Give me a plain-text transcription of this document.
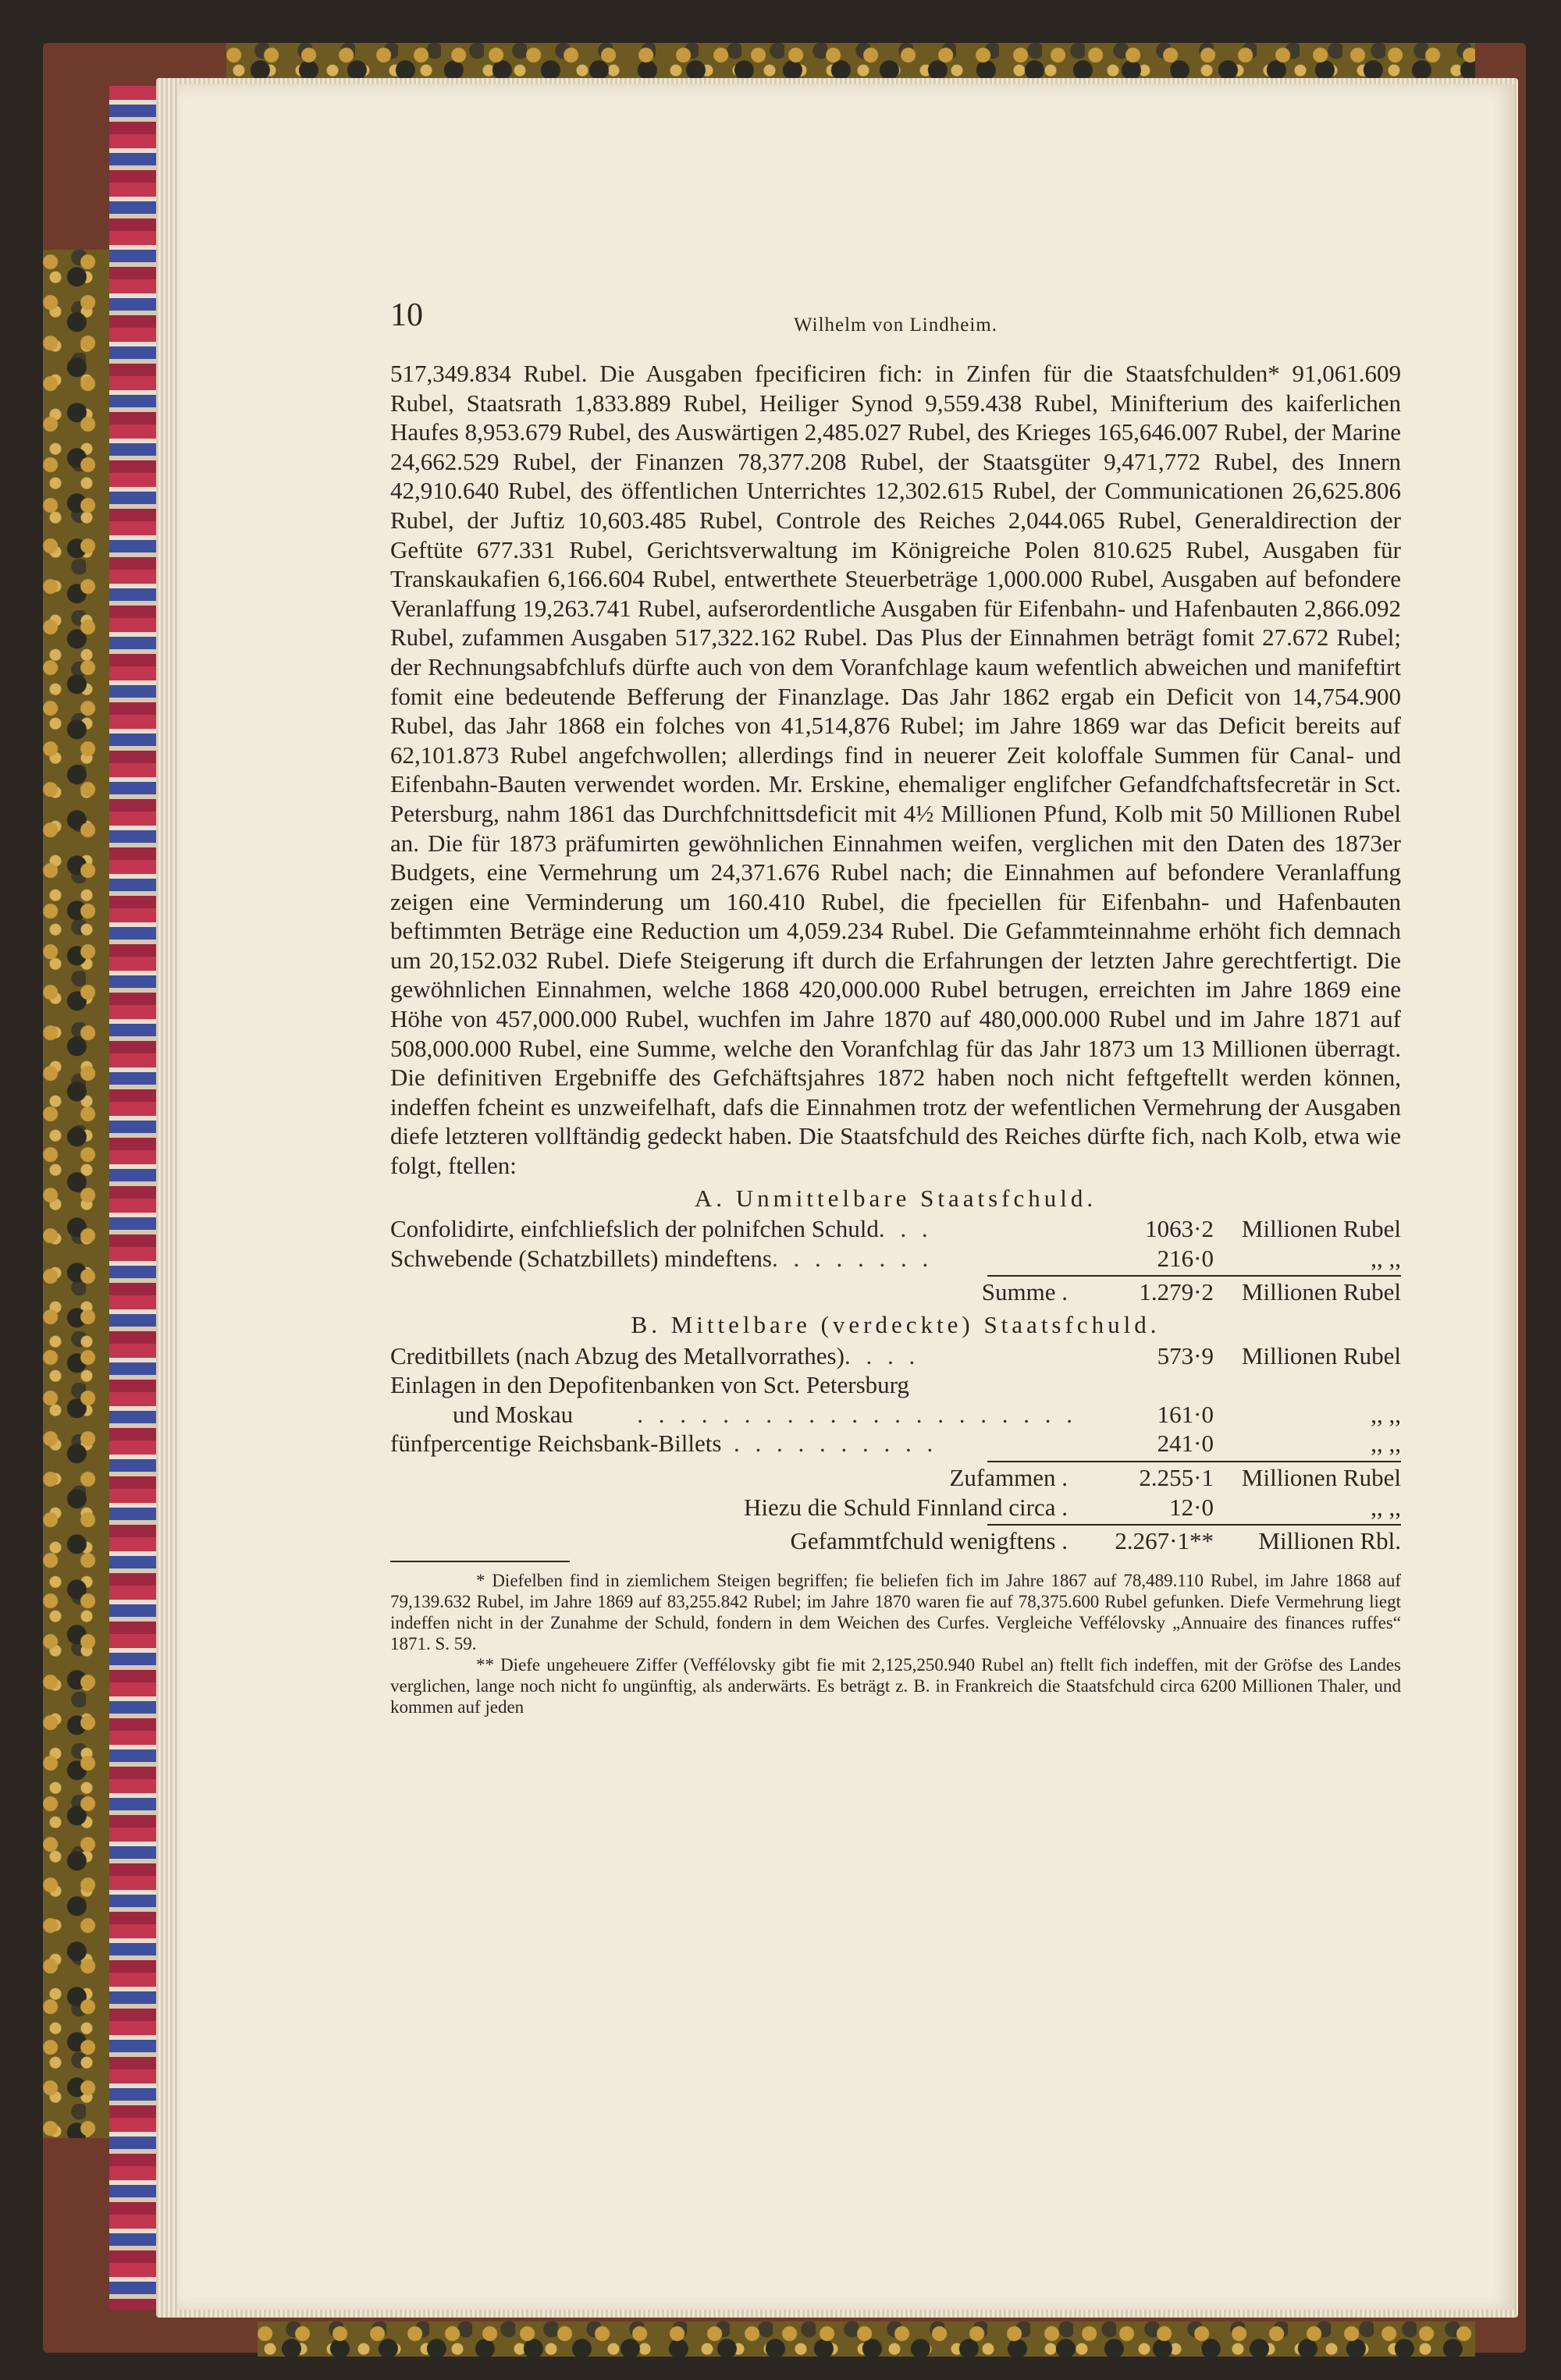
10	Wilhelm von Lindheim.

517,349.834 Rubel. Die Ausgaben fpecificiren fich: in Zinfen für die Staatsfchulden* 91,061.609 Rubel, Staatsrath 1,833.889 Rubel, Heiliger Synod 9,559.438 Rubel, Minifterium des kaiferlichen Haufes 8,953.679 Rubel, des Auswärtigen 2,485.027 Rubel, des Krieges 165,646.007 Rubel, der Marine 24,662.529 Rubel, der Finanzen 78,377.208 Rubel, der Staatsgüter 9,471,772 Rubel, des Innern 42,910.640 Rubel, des öffentlichen Unterrichtes 12,302.615 Rubel, der Communicationen 26,625.806 Rubel, der Juftiz 10,603.485 Rubel, Controle des Reiches 2,044.065 Rubel, Generaldirection der Geftüte 677.331 Rubel, Gerichtsverwaltung im Königreiche Polen 810.625 Rubel, Ausgaben für Transkaukafien 6,166.604 Rubel, entwerthete Steuerbeträge 1,000.000 Rubel, Ausgaben auf befondere Veranlaffung 19,263.741 Rubel, aufserordentliche Ausgaben für Eifenbahn- und Hafenbauten 2,866.092 Rubel, zufammen Ausgaben 517,322.162 Rubel. Das Plus der Einnahmen beträgt fomit 27.672 Rubel; der Rechnungsabfchlufs dürfte auch von dem Voranfchlage kaum wefentlich abweichen und manifeftirt fomit eine bedeutende Befferung der Finanzlage. Das Jahr 1862 ergab ein Deficit von 14,754.900 Rubel, das Jahr 1868 ein folches von 41,514,876 Rubel; im Jahre 1869 war das Deficit bereits auf 62,101.873 Rubel angefchwollen; allerdings find in neuerer Zeit koloffale Summen für Canal- und Eifenbahn-Bauten verwendet worden. Mr. Erskine, ehemaliger englifcher Gefandfchaftsfecretär in Sct. Petersburg, nahm 1861 das Durchfchnittsdeficit mit 4½ Millionen Pfund, Kolb mit 50 Millionen Rubel an. Die für 1873 präfumirten gewöhnlichen Einnahmen weifen, verglichen mit den Daten des 1873er Budgets, eine Vermehrung um 24,371.676 Rubel nach; die Einnahmen auf befondere Veranlaffung zeigen eine Verminderung um 160.410 Rubel, die fpeciellen für Eifenbahn- und Hafenbauten beftimmten Beträge eine Reduction um 4,059.234 Rubel. Die Gefammteinnahme erhöht fich demnach um 20,152.032 Rubel. Diefe Steigerung ift durch die Erfahrungen der letzten Jahre gerechtfertigt. Die gewöhnlichen Einnahmen, welche 1868 420,000.000 Rubel betrugen, erreichten im Jahre 1869 eine Höhe von 457,000.000 Rubel, wuchfen im Jahre 1870 auf 480,000.000 Rubel und im Jahre 1871 auf 508,000.000 Rubel, eine Summe, welche den Voranfchlag für das Jahr 1873 um 13 Millionen überragt. Die definitiven Ergebniffe des Gefchäftsjahres 1872 haben noch nicht feftgeftellt werden können, indeffen fcheint es unzweifelhaft, dafs die Einnahmen trotz der wefentlichen Vermehrung der Ausgaben diefe letzteren vollftändig gedeckt haben. Die Staatsfchuld des Reiches dürfte fich, nach Kolb, etwa wie folgt, ftellen:

A. Unmittelbare Staatsfchuld.
Confolidirte, einfchliefslich der polnifchen Schuld . . .	1063·2	Millionen Rubel
Schwebende (Schatzbillets) mindeftens . . . . . . . .	216·0	,, ,,
Summe .	1.279·2	Millionen Rubel
B. Mittelbare (verdeckte) Staatsfchuld.
Creditbillets (nach Abzug des Metallvorrathes) . . . .	573·9	Millionen Rubel
Einlagen in den Depofitenbanken von Sct. Petersburg
und Moskau	. . . . . . . . . . . . . . . . . . . . .	161·0	,, ,,
fünfpercentige Reichsbank-Billets . . . . . . . . . .	241·0	,, ,,
Zufammen .	2.255·1	Millionen Rubel
Hiezu die Schuld Finnland circa .	12·0	,, ,,
Gefammtfchuld wenigftens .	2.267·1**	Millionen Rbl.

* Diefelben find in ziemlichem Steigen begriffen; fie beliefen fich im Jahre 1867 auf 78,489.110 Rubel, im Jahre 1868 auf 79,139.632 Rubel, im Jahre 1869 auf 83,255.842 Rubel; im Jahre 1870 waren fie auf 78,375.600 Rubel gefunken. Diefe Vermehrung liegt indeffen nicht in der Zunahme der Schuld, fondern in dem Weichen des Curfes. Vergleiche Veffélovsky „Annuaire des finances ruffes“ 1871. S. 59.

** Diefe ungeheuere Ziffer (Veffélovsky gibt fie mit 2,125,250.940 Rubel an) ftellt fich indeffen, mit der Gröfse des Landes verglichen, lange noch nicht fo ungünftig, als anderwärts. Es beträgt z. B. in Frankreich die Staatsfchuld circa 6200 Millionen Thaler, und kommen auf jeden
